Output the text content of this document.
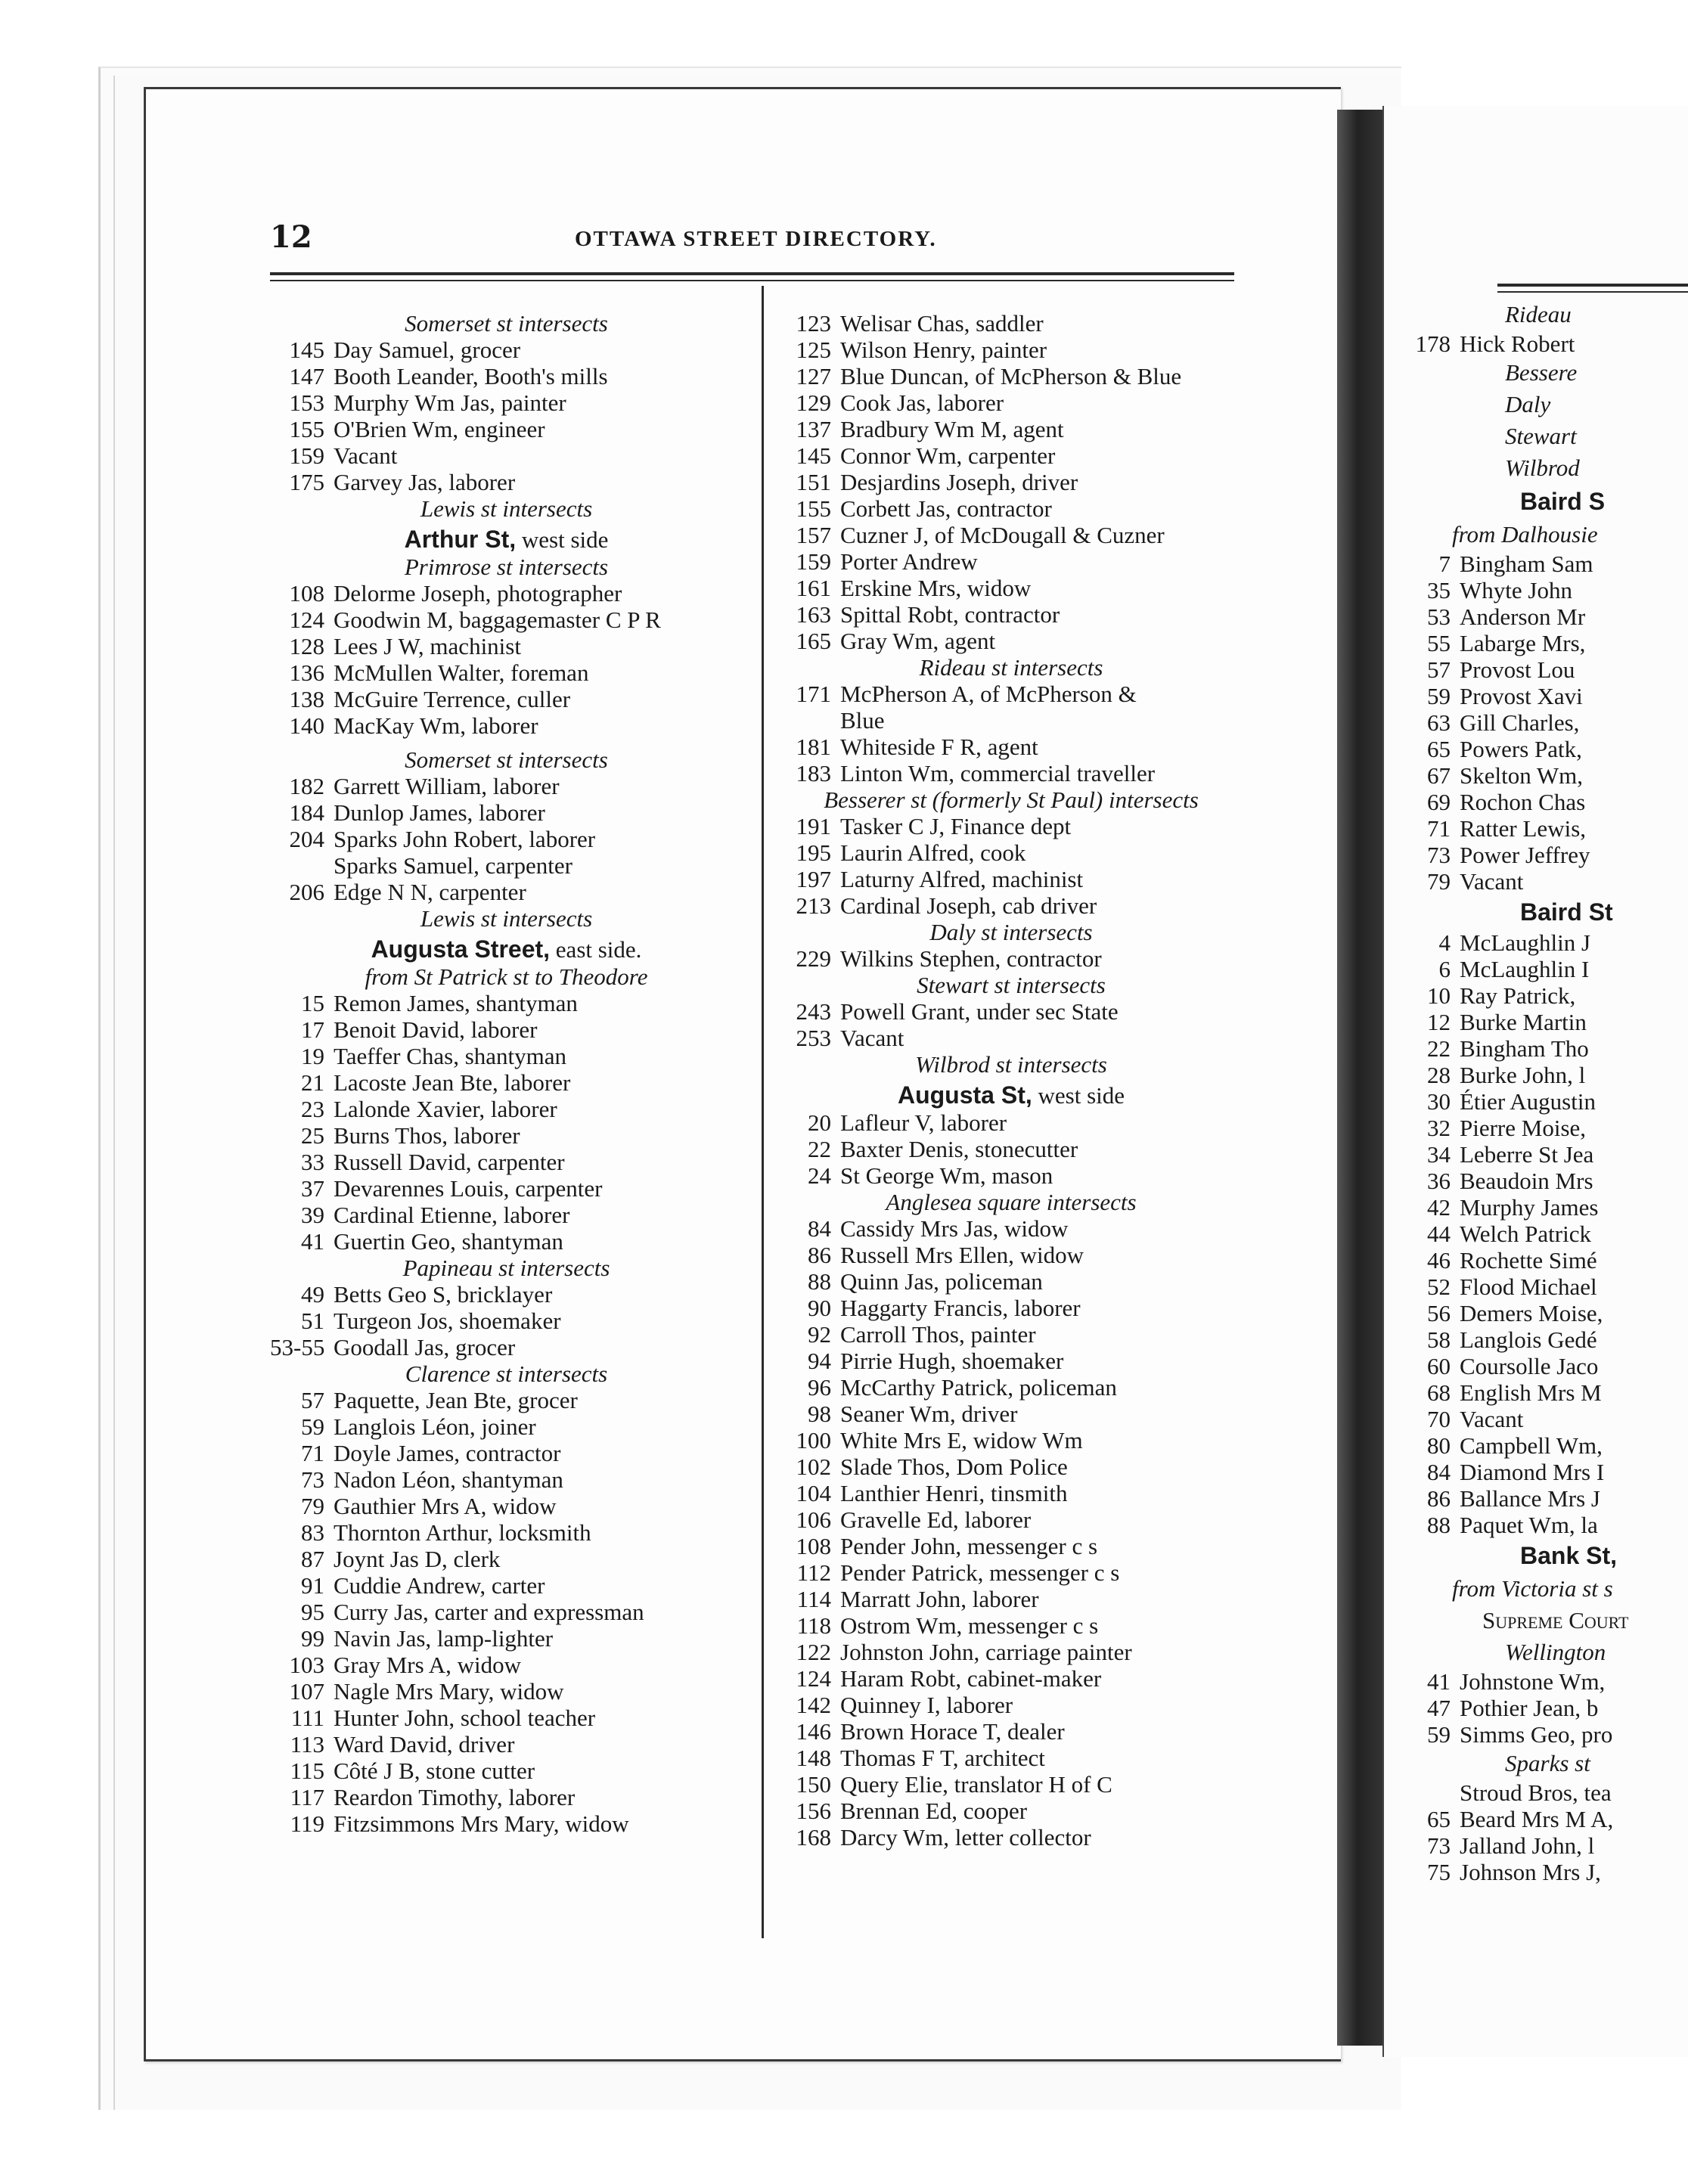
Rideau
178 Hick Robert
Bessere
Daly
Stewart
Wilbrod
Baird S
from Dalhousie
7 Bingham Sam
35 Whyte John
53 Anderson Mr
55 Labarge Mrs,
57 Provost Lou
59 Provost Xavi
63 Gill Charles,
65 Powers Patk,
67 Skelton Wm,
69 Rochon Chas
71 Ratter Lewis,
73 Power Jeffrey
79 Vacant
Baird St
4 McLaughlin J
6 McLaughlin I
10 Ray Patrick,
12 Burke Martin
22 Bingham Tho
28 Burke John, l
30 Étier Augustin
32 Pierre Moise,
34 Leberre St Jea
36 Beaudoin Mrs
42 Murphy James
44 Welch Patrick
46 Rochette Simé
52 Flood Michael
56 Demers Moise,
58 Langlois Gedé
60 Coursolle Jaco
68 English Mrs M
70 Vacant
80 Campbell Wm,
84 Diamond Mrs I
86 Ballance Mrs J
88 Paquet Wm, la
Bank St,
from Victoria st s
Supreme Court
Wellington
41 Johnstone Wm,
47 Pothier Jean, b
59 Simms Geo, pro
Sparks st
Stroud Bros, tea
65 Beard Mrs M A,
73 Jalland John, l
75 Johnson Mrs J,
12	OTTAWA STREET DIRECTORY.
Somerset st intersects
145 Day Samuel, grocer
147 Booth Leander, Booth's mills
153 Murphy Wm Jas, painter
155 O'Brien Wm, engineer
159 Vacant
175 Garvey Jas, laborer
Lewis st intersects
Arthur St, west side
Primrose st intersects
108 Delorme Joseph, photographer
124 Goodwin M, baggagemaster C P R
128 Lees J W, machinist
136 McMullen Walter, foreman
138 McGuire Terrence, culler
140 MacKay Wm, laborer
Somerset st intersects
182 Garrett William, laborer
184 Dunlop James, laborer
204 Sparks John Robert, laborer
Sparks Samuel, carpenter
206 Edge N N, carpenter
Lewis st intersects
Augusta Street, east side.
from St Patrick st to Theodore
15 Remon James, shantyman
17 Benoit David, laborer
19 Taeffer Chas, shantyman
21 Lacoste Jean Bte, laborer
23 Lalonde Xavier, laborer
25 Burns Thos, laborer
33 Russell David, carpenter
37 Devarennes Louis, carpenter
39 Cardinal Etienne, laborer
41 Guertin Geo, shantyman
Papineau st intersects
49 Betts Geo S, bricklayer
51 Turgeon Jos, shoemaker
53-55 Goodall Jas, grocer
Clarence st intersects
57 Paquette, Jean Bte, grocer
59 Langlois Léon, joiner
71 Doyle James, contractor
73 Nadon Léon, shantyman
79 Gauthier Mrs A, widow
83 Thornton Arthur, locksmith
87 Joynt Jas D, clerk
91 Cuddie Andrew, carter
95 Curry Jas, carter and expressman
99 Navin Jas, lamp-lighter
103 Gray Mrs A, widow
107 Nagle Mrs Mary, widow
111 Hunter John, school teacher
113 Ward David, driver
115 Côté J B, stone cutter
117 Reardon Timothy, laborer
119 Fitzsimmons Mrs Mary, widow
123 Welisar Chas, saddler
125 Wilson Henry, painter
127 Blue Duncan, of McPherson & Blue
129 Cook Jas, laborer
137 Bradbury Wm M, agent
145 Connor Wm, carpenter
151 Desjardins Joseph, driver
155 Corbett Jas, contractor
157 Cuzner J, of McDougall & Cuzner
159 Porter Andrew
161 Erskine Mrs, widow
163 Spittal Robt, contractor
165 Gray Wm, agent
Rideau st intersects
171 McPherson A, of McPherson &
Blue
181 Whiteside F R, agent
183 Linton Wm, commercial traveller
Besserer st (formerly St Paul) intersects
191 Tasker C J, Finance dept
195 Laurin Alfred, cook
197 Laturny Alfred, machinist
213 Cardinal Joseph, cab driver
Daly st intersects
229 Wilkins Stephen, contractor
Stewart st intersects
243 Powell Grant, under sec State
253 Vacant
Wilbrod st intersects
Augusta St, west side
20 Lafleur V, laborer
22 Baxter Denis, stonecutter
24 St George Wm, mason
Anglesea square intersects
84 Cassidy Mrs Jas, widow
86 Russell Mrs Ellen, widow
88 Quinn Jas, policeman
90 Haggarty Francis, laborer
92 Carroll Thos, painter
94 Pirrie Hugh, shoemaker
96 McCarthy Patrick, policeman
98 Seaner Wm, driver
100 White Mrs E, widow Wm
102 Slade Thos, Dom Police
104 Lanthier Henri, tinsmith
106 Gravelle Ed, laborer
108 Pender John, messenger c s
112 Pender Patrick, messenger c s
114 Marratt John, laborer
118 Ostrom Wm, messenger c s
122 Johnston John, carriage painter
124 Haram Robt, cabinet-maker
142 Quinney I, laborer
146 Brown Horace T, dealer
148 Thomas F T, architect
150 Query Elie, translator H of C
156 Brennan Ed, cooper
168 Darcy Wm, letter collector
